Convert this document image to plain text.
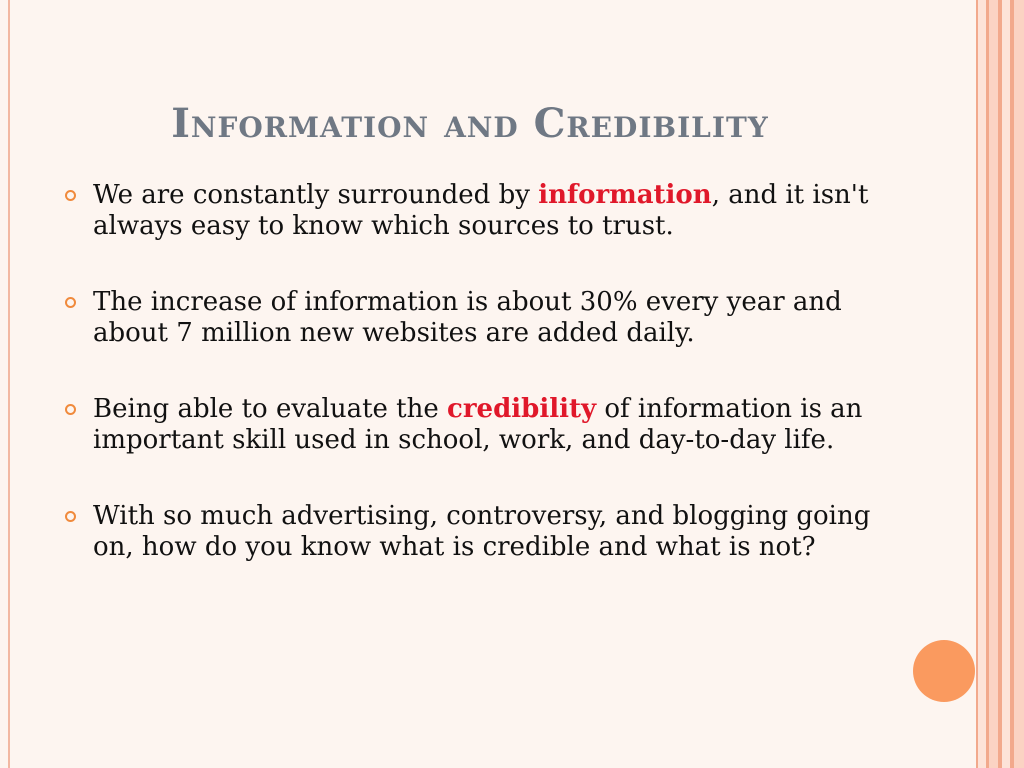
Information and Credibility
We are constantly surrounded by information, and it isn't always easy to know which sources to trust.
The increase of information is about 30% every year and about 7 million new websites are added daily.
Being able to evaluate the credibility of information is an important skill used in school, work, and day-to-day life.
With so much advertising, controversy, and blogging going on, how do you know what is credible and what is not?
